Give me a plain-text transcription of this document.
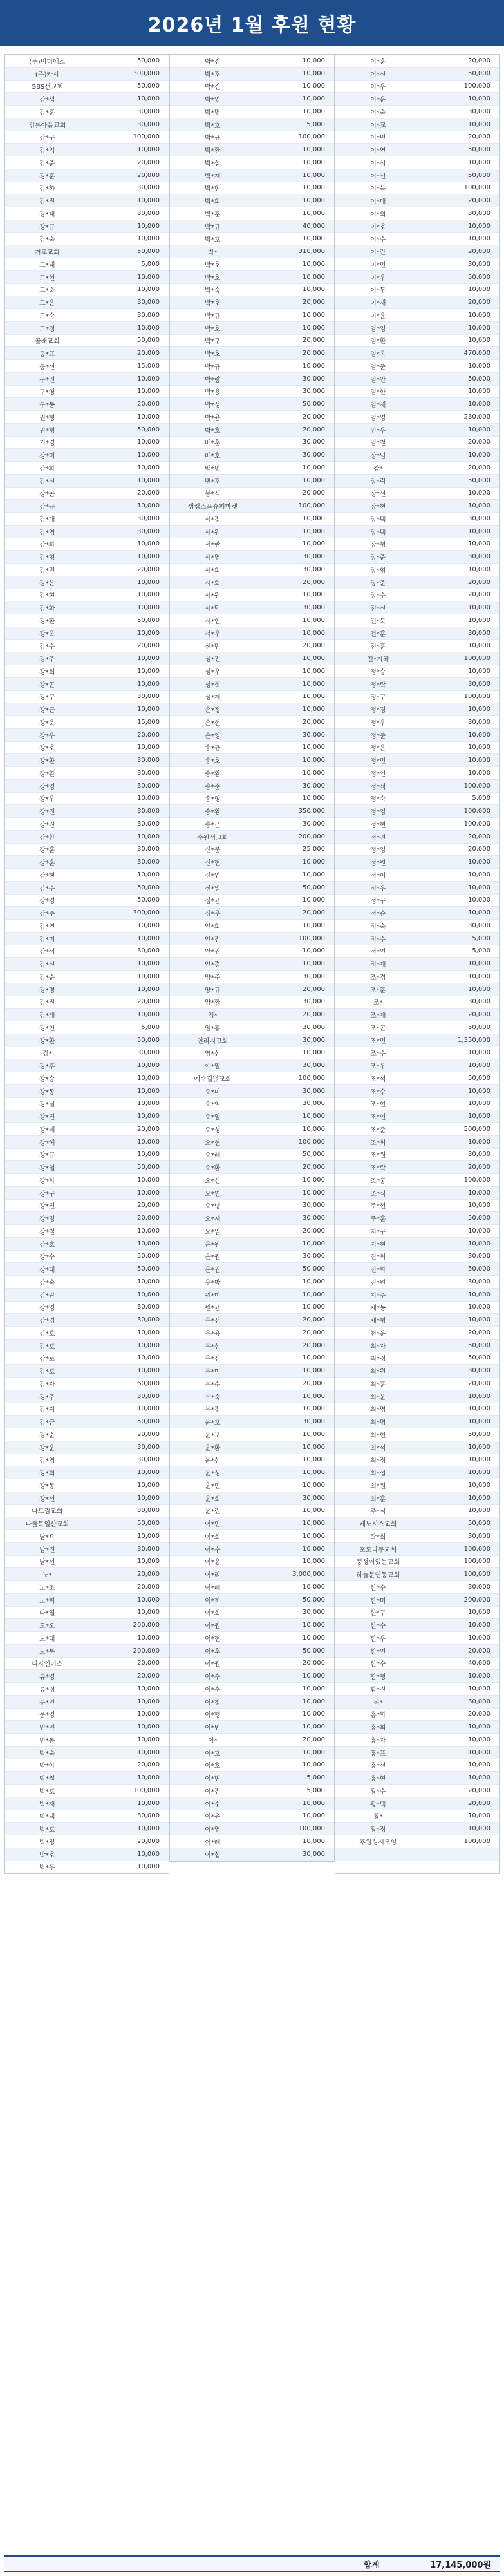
2026년 1월 후원 현황
(주)비티에스	50,000
(주)카시	300,000
GBS선교회	50,000
강*섭	10,000
강*훈	30,000
검룡아음교회	30,000
강*구	100,000
강*익	10,000
강*준	20,000
강*훈	20,000
강*하	30,000
강*진	10,000
강*태	30,000
강*규	10,000
강*숙	10,000
거교교회	50,000
고*태	5,000
고*현	10,000
고*숙	10,000
고*은	30,000
고*숙	30,000
고*정	10,000
골래교회	50,000
공*표	20,000
공*선	15,000
구*권	10,000
구*영	10,000
구*동	20,000
권*형	10,000
권*형	50,000
기*경	10,000
강*미	10,000
강*화	10,000
강*선	10,000
강*곤	20,000
강*규	10,000
강*대	30,000
강*영	30,000
강*화	10,000
강*형	10,000
강*민	20,000
강*은	10,000
강*현	10,000
강*화	10,000
강*환	50,000
강*옥	10,000
강*수	20,000
강*주	10,000
강*희	10,000
강*곤	10,000
강*구	30,000
강*근	10,000
강*욱	15,000
강*우	20,000
강*호	10,000
강*환	30,000
강*환	30,000
강*영	30,000
강*우	10,000
강*권	30,000
강*진	30,000
강*환	10,000
강*훈	30,000
강*훈	30,000
강*현	10,000
강*수	50,000
강*영	50,000
강*주	300,000
강*연	10,000
강*미	10,000
강*석	30,000
강*선	10,000
강*순	10,000
강*명	10,000
강*진	20,000
강*태	10,000
강*인	5,000
강*환	50,000
강*	30,000
강*후	10,000
강*승	10,000
강*동	10,000
강*실	10,000
강*진	10,000
강*배	20,000
강*혜	10,000
강*규	10,000
강*철	50,000
강*화	10,000
강*구	10,000
강*진	20,000
강*명	20,000
강*철	10,000
강*호	10,000
강*수	50,000
강*태	50,000
강*숙	10,000
강*란	10,000
강*영	30,000
강*경	30,000
강*호	10,000
강*호	10,000
강*로	10,000
강*호	10,000
강*자	60,000
강*주	30,000
강*지	10,000
강*근	50,000
강*순	20,000
강*운	30,000
강*영	30,000
강*희	10,000
강*동	10,000
강*선	10,000
나드림교회	30,000
나들목일산교회	50,000
남*요	10,000
남*권	30,000
남*선	10,000
노*	20,000
노*조	20,000
노*희	10,000
다*열	10,000
도*오	200,000
도*대	10,000
도*복	200,000
디자인어스	20,000
류*영	20,000
류*정	10,000
문*민	10,000
문*영	10,000
민*민	10,000
민*통	10,000
박*숙	10,000
박*아	20,000
박*철	10,000
박*호	100,000
박*재	10,000
박*택	30,000
박*호	10,000
박*정	20,000
박*호	10,000
박*우	10,000
박*진	10,000
박*훈	10,000
박*진	10,000
박*영	10,000
박*명	10,000
박*호	5,000
박*규	100,000
박*환	10,000
박*섭	10,000
박*재	10,000
박*현	10,000
박*희	10,000
박*훈	10,000
박*규	40,000
박*호	10,000
박*	310,000
박*호	10,000
박*호	10,000
박*숙	10,000
박*호	20,000
박*규	10,000
박*호	10,000
박*구	20,000
박*호	20,000
박*규	10,000
박*량	30,000
박*용	30,000
박*성	50,000
박*윤	20,000
박*호	20,000
배*훈	30,000
배*호	30,000
백*명	10,000
변*훈	10,000
봉*식	20,000
샘컵스프슈퍼마켓	100,000
서*정	10,000
서*원	10,000
서*란	10,000
서*영	30,000
서*희	30,000
서*희	20,000
서*원	10,000
서*덕	30,000
서*현	10,000
서*우	10,000
선*민	20,000
성*진	10,000
성*우	10,000
성*혁	10,000
성*재	10,000
손*정	10,000
손*현	20,000
손*영	30,000
송*균	10,000
송*호	10,000
송*환	10,000
송*준	30,000
송*영	10,000
송*환	350,000
송*근	30,000
수원성교회	200,000
신*준	25,000
신*현	10,000
신*연	10,000
신*일	50,000
심*균	10,000
심*우	20,000
안*희	10,000
안*진	100,000
안*권	10,000
안*결	10,000
양*준	30,000
양*규	20,000
양*환	30,000
엄*	20,000
엄*홍	30,000
연리지교회	30,000
염*선	10,000
예*열	30,000
예수길벗교회	100,000
오*미	30,000
오*익	30,000
오*일	10,000
오*성	10,000
오*현	100,000
오*래	50,000
오*환	20,000
오*신	10,000
오*연	10,000
오*냉	30,000
오*재	30,000
오*일	20,000
온*원	10,000
온*원	30,000
온*권	50,000
우*박	10,000
원*미	10,000
원*균	10,000
유*선	20,000
유*용	20,000
유*선	20,000
유*신	10,000
유*미	10,000
유*순	20,000
유*숙	10,000
유*정	10,000
윤*호	30,000
윤*보	10,000
윤*환	10,000
윤*신	10,000
윤*성	10,000
윤*민	10,000
윤*희	30,000
윤*린	10,000
이*민	10,000
이*희	10,000
이*수	10,000
이*윤	10,000
이*리	3,000,000
이*배	10,000
이*희	50,000
이*희	30,000
이*원	10,000
이*현	10,000
이*훈	50,000
이*원	20,000
이*수	10,000
이*순	10,000
이*청	10,000
이*행	10,000
이*빈	10,000
이*	20,000
이*호	10,000
이*호	10,000
이*현	5,000
이*진	5,000
이*수	10,000
이*윤	10,000
이*영	100,000
이*래	10,000
이*섭	30,000
이*훈	20,000
이*선	50,000
이*우	100,000
이*운	10,000
이*숙	30,000
이*교	10,000
이*민	20,000
이*연	50,000
이*석	10,000
이*선	50,000
이*욱	100,000
이*대	20,000
이*희	30,000
이*호	10,000
이*수	10,000
이*란	20,000
이*민	30,000
이*우	50,000
이*두	10,000
이*재	20,000
이*윤	10,000
임*영	10,000
임*환	10,000
임*옥	470,000
임*준	10,000
임*안	50,000
임*한	10,000
임*재	10,000
임*영	230,000
임*우	10,000
임*철	20,000
장*님	10,000
장*	20,000
장*림	50,000
장*선	10,000
장*현	10,000
장*택	30,000
장*택	10,000
장*형	10,000
장*준	30,000
장*형	10,000
장*준	20,000
장*수	20,000
전*신	10,000
전*북	10,000
전*훈	30,000
전*훈	10,000
전*기혜	100,000
정*승	10,000
정*탁	30,000
정*구	100,000
정*경	10,000
정*우	30,000
정*준	10,000
정*은	10,000
정*민	10,000
정*인	10,000
정*석	100,000
정*숙	5,000
정*영	100,000
정*현	100,000
정*권	20,000
정*영	20,000
정*원	10,000
정*이	10,000
정*우	10,000
정*구	10,000
정*승	10,000
정*숙	30,000
정*수	5,000
정*연	5,000
정*재	10,000
조*경	10,000
조*훈	10,000
조*	30,000
조*재	20,000
조*곤	50,000
조*민	1,350,000
조*수	10,000
조*우	10,000
조*석	50,000
조*수	10,000
조*현	10,000
조*인	10,000
조*준	500,000
조*희	10,000
조*원	30,000
조*락	20,000
조*궁	100,000
조*식	10,000
주*현	10,000
주*훈	50,000
지*구	10,000
지*현	10,000
진*희	30,000
진*화	50,000
진*원	30,000
지*주	10,000
채*동	10,000
채*형	10,000
천*운	20,000
최*자	50,000
최*정	50,000
최*원	30,000
최*훈	20,000
최*운	10,000
최*영	10,000
최*명	10,000
최*현	50,000
최*석	10,000
최*정	10,000
최*섭	10,000
최*원	10,000
최*훈	10,000
추*식	10,000
케노시스교회	50,000
탁*희	30,000
포도나무교회	100,000
풍성이있는교회	100,000
하늘문연동교회	100,000
한*수	30,000
한*미	200,000
한*구	10,000
한*수	10,000
한*우	10,000
한*연	20,000
한*수	40,000
함*형	10,000
함*진	10,000
허*	30,000
홍*화	20,000
홍*희	10,000
홍*자	10,000
홍*표	10,000
홍*선	10,000
홍*현	10,000
황*수	20,000
황*택	20,000
황*	10,000
황*정	10,000
후원성서모임	100,000
합계	17,145,000원
